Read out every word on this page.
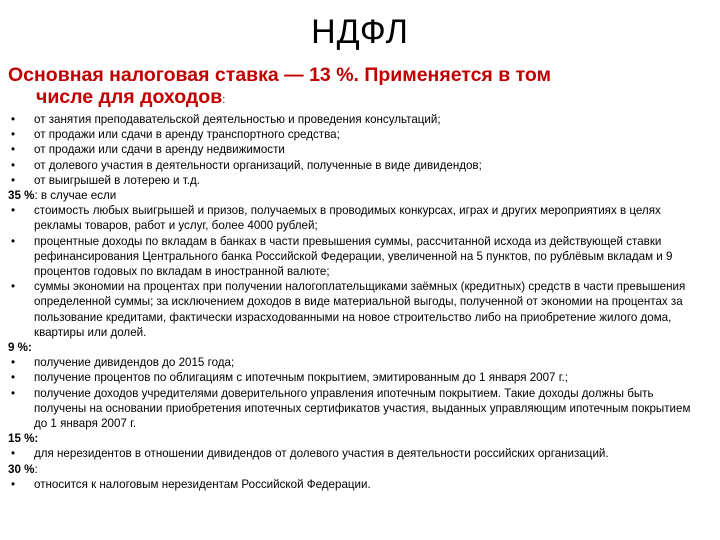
НДФЛ
Основная налоговая ставка — 13 %. Применяется в том
числе для доходов:
• от занятия преподавательской деятельностью и проведения консультаций;
• от продажи или сдачи в аренду транспортного средства;
• от продажи или сдачи в аренду недвижимости
• от долевого участия в деятельности организаций, полученные в виде дивидендов;
• от выигрышей в лотерею и т.д.
35 %: в случае если
• стоимость любых выигрышей и призов, получаемых в проводимых конкурсах, играх и других мероприятиях в целях рекламы товаров, работ и услуг, более 4000 рублей;
• процентные доходы по вкладам в банках в части превышения суммы, рассчитанной исхода из действующей ставки рефинансирования Центрального банка Российской Федерации, увеличенной на 5 пунктов, по рублёвым вкладам и 9 процентов годовых по вкладам в иностранной валюте;
• суммы экономии на процентах при получении налогоплательщиками заёмных (кредитных) средств в части превышения определенной суммы; за исключением доходов в виде материальной выгоды, полученной от экономии на процентах за пользование кредитами, фактически израсходованными на новое строительство либо на приобретение жилого дома, квартиры или долей.
9 %:
• получение дивидендов до 2015 года;
• получение процентов по облигациям с ипотечным покрытием, эмитированным до 1 января 2007 г.;
• получение доходов учредителями доверительного управления ипотечным покрытием. Такие доходы должны быть получены на основании приобретения ипотечных сертификатов участия, выданных управляющим ипотечным покрытием до 1 января 2007 г.
15 %:
• для нерезидентов в отношении дивидендов от долевого участия в деятельности российских организаций.
30 %:
• относится к налоговым нерезидентам Российской Федерации.
